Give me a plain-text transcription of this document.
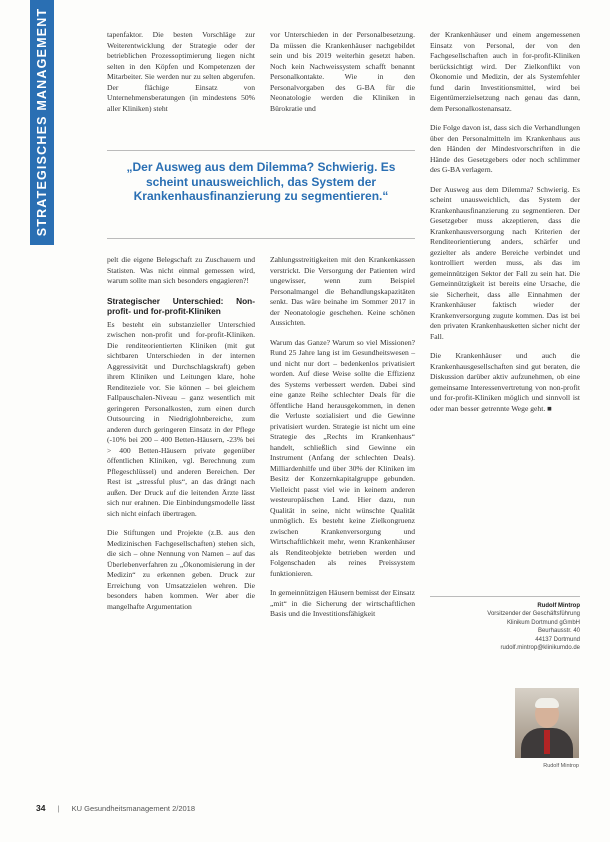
STRATEGISCHES MANAGEMENT	tapenfaktor. Die besten Vorschläge zur Weiterentwicklung der Strategie oder der betrieblichen Prozessoptimierung liegen nicht selten in den Köpfen und Kompetenzen der Mitarbeiter. Sie werden nur zu selten abgerufen. Der flächige Einsatz von Unternehmensberatungen (in mindestens 50% aller Kliniken) steht

vor Unterschieden in der Personalbesetzung. Da müssen die Krankenhäuser nachgebildet sein und bis 2019 weiterhin gesetzt haben. Noch kein Nachweissystem schafft benannt Personalkontakte. Wie in den Personalvorgaben des G-BA für die Neonatologie werden die Kliniken in Bürokratie und

„Der Ausweg aus dem Dilemma? Schwierig. Es scheint unausweichlich, das System der Krankenhausfinanzierung zu segmentieren.“

pelt die eigene Belegschaft zu Zuschauern und Statisten. Was nicht einmal gemessen wird, warum sollte man sich besonders engagieren?!

Strategischer Unterschied: Non-profit- und for-profit-Kliniken

Es besteht ein substanzieller Unterschied zwischen non-profit und for-profit-Kliniken. Die renditeorientierten Kliniken (mit gut sichtbaren Unterschieden in der internen Aggressivität und Durchschlagskraft) geben ihrem Kliniken und Leitungen klare, hohe Renditeziele vor. Sie können – bei gleichem Fallpauschalen-Niveau – ganz wesentlich mit geringeren Personalkosten, zum einen durch Outsourcing in Niedriglohnbereiche, zum anderen durch geringeren Einsatz in der Pflege (-10% bei 200 – 400 Betten-Häusern, -23% bei > 400 Betten-Häusern private gegenüber öffentlichen Kliniken, vgl. Berechnung zum Pflegeschlüssel) und anderen Bereichen. Der Rest ist „stressful plus“, an das drängt nach außen. Der Druck auf die leitenden Ärzte lässt sich nur erahnen. Die Einbindungsmodelle lässt sich nicht einfach übertragen.

Die Stiftungen und Projekte (z.B. aus den Medizinischen Fachgesellschaften) stehen sich, die sich – ohne Nennung von Namen – auf das Überlebenverfahren zu „Ökonomisierung in der Medizin“ zu erkennen geben. Druck zur Erreichung von Umsatzzielen wehren. Die besonders haben kommen. Wer aber die mangelhafte Argumentation

Zahlungsstreitigkeiten mit den Krankenkassen verstrickt. Die Versorgung der Patienten wird ungewisser, wenn zum Beispiel Personalmangel die Behandlungskapazitäten senkt. Das wäre beinahe im Sommer 2017 in der Neonatologie geschehen. Keine schönen Aussichten.

Warum das Ganze? Warum so viel Missionen? Rund 25 Jahre lang ist im Gesundheitswesen – und nicht nur dort – bedenkenlos privatisiert worden. Auf diese Weise sollte die Effizienz des Systems verbessert werden. Dabei sind eine ganze Reihe schlechter Deals für die öffentliche Hand herausgekommen, in denen die Verluste sozialisiert und die Gewinne privatisiert wurden. Strategie ist nicht um eine Strategie des „Rechts im Krankenhaus“ handelt, schließlich sind Gewinne ein Instrument (Anfang der schlechten Deals). Milliardenhilfe und über 30% der Kliniken im Besitz der Konzernkapitalgruppe gebunden. Vielleicht passt viel wie in keinem anderen westeuropäischen Land. Hier dazu, nun Qualität in seine, nicht wünschte Qualität unmöglich. Es besteht keine Zielkongruenz zwischen Krankenversorgung und Wirtschaftlichkeit mehr, wenn Krankenhäuser als Renditeobjekte betrieben werden und Folgenschaden als reines Preissystem funktionieren.

In gemeinnützigen Häusern bemisst der Einsatz „mit“ in die Sicherung der wirtschaftlichen Basis und die Investitionsfähigkeit

der Krankenhäuser und einem angemessenen Einsatz von Personal, der von den Fachgesellschaften auch in for-profit-Kliniken berücksichtigt wird. Der Zielkonflikt von Ökonomie und Medizin, der als Systemfehler fund darin Investitionsmittel, wird bei Eigentümerzielsetzung nach genau das dann, dem Personalkostenansatz.

Die Folge davon ist, dass sich die Verhandlungen über den Personalmitteln im Krankenhaus aus den Händen der Mindestvorschriften in die Hände des Gesetzgebers oder noch schlimmer des G-BA verlagern.

Der Ausweg aus dem Dilemma? Schwierig. Es scheint unausweichlich, das System der Krankenhausfinanzierung zu segmentieren. Der Gesetzgeber muss akzeptieren, dass die Krankenhausversorgung nach Kriterien der Renditeorientierung anders, schärfer und gezielter als andere Bereiche verbindet und kontrolliert werden muss, als das im gemeinnützigen Sektor der Fall zu sein hat. Die Gemeinnützigkeit ist bereits eine Ursache, die sie Sicherheit, dass alle Einnahmen der Krankenhäuser faktisch wieder der Krankenversorgung zugute kommen. Das ist bei den privaten Krankenhausketten sicher nicht der Fall.

Die Krankenhäuser und auch die Krankenhausgesellschaften sind gut beraten, die Diskussion darüber aktiv aufzunehmen, ob eine gemeinsame Interessenvertretung von non-profit und for-profit-Kliniken möglich und sinnvoll ist oder man besser getrennte Wege geht. ■

Rudolf Mintrop
Vorsitzender der Geschäftsführung
Klinikum Dortmund gGmbH
Beurhausstr. 40
44137 Dortmund
rudolf.mintrop@klinikumdo.de
Rudolf Mintrop
34 | KU Gesundheitsmanagement 2/2018
